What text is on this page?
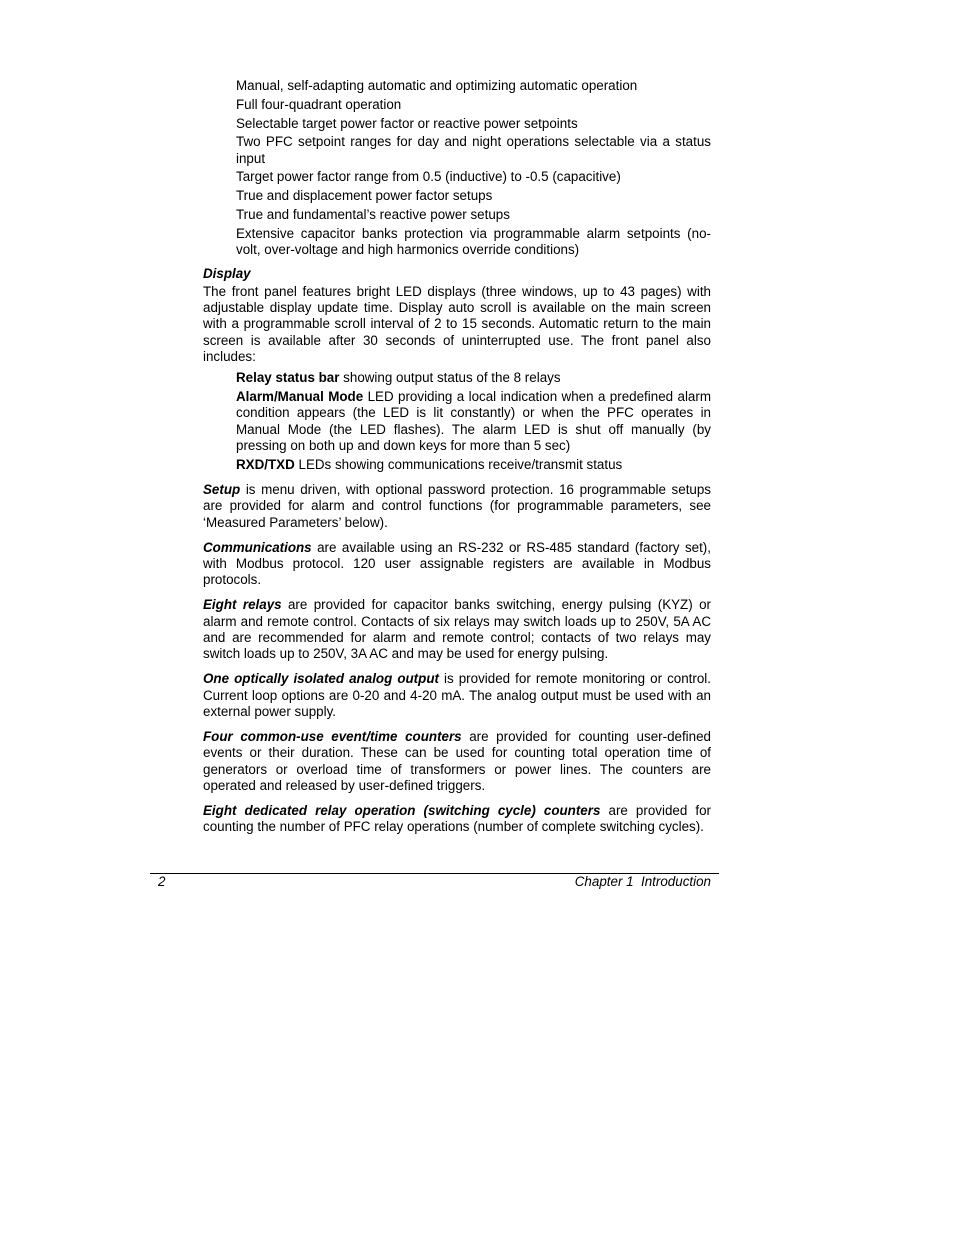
Manual, self-adapting automatic and optimizing automatic operation
Full four-quadrant operation
Selectable target power factor or reactive power setpoints
Two PFC setpoint ranges for day and night operations selectable via a status input
Target power factor range from 0.5 (inductive) to -0.5 (capacitive)
True and displacement power factor setups
True and fundamental’s reactive power setups
Extensive capacitor banks protection via programmable alarm setpoints (no-volt, over-voltage and high harmonics override conditions)
Display

The front panel features bright LED displays (three windows, up to 43 pages) with adjustable display update time. Display auto scroll is available on the main screen with a programmable scroll interval of 2 to 15 seconds. Automatic return to the main screen is available after 30 seconds of uninterrupted use. The front panel also includes:

Relay status bar showing output status of the 8 relays
Alarm/Manual Mode LED providing a local indication when a predefined alarm condition appears (the LED is lit constantly) or when the PFC operates in Manual Mode (the LED flashes). The alarm LED is shut off manually (by pressing on both up and down keys for more than 5 sec)
RXD/TXD LEDs showing communications receive/transmit status

Setup is menu driven, with optional password protection. 16 programmable setups are provided for alarm and control functions (for programmable parameters, see ‘Measured Parameters’ below).

Communications are available using an RS-232 or RS-485 standard (factory set), with Modbus protocol. 120 user assignable registers are available in Modbus protocols.

Eight relays are provided for capacitor banks switching, energy pulsing (KYZ) or alarm and remote control. Contacts of six relays may switch loads up to 250V, 5A AC and are recommended for alarm and remote control; contacts of two relays may switch loads up to 250V, 3A AC and may be used for energy pulsing.

One optically isolated analog output is provided for remote monitoring or control. Current loop options are 0-20 and 4-20 mA. The analog output must be used with an external power supply.

Four common-use event/time counters are provided for counting user-defined events or their duration. These can be used for counting total operation time of generators or overload time of transformers or power lines. The counters are operated and released by user-defined triggers.

Eight dedicated relay operation (switching cycle) counters are provided for counting the number of PFC relay operations (number of complete switching cycles).

2	Chapter 1  Introduction
